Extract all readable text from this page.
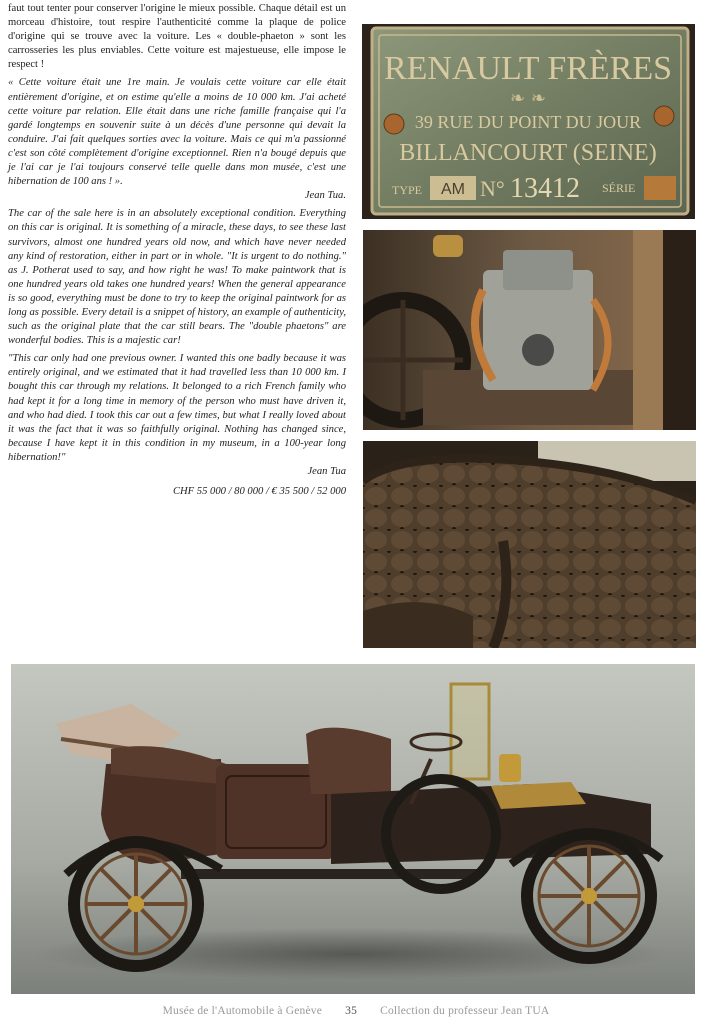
faut tout tenter pour conserver l'origine le mieux possible. Chaque détail est un morceau d'histoire, tout respire l'authenticité comme la plaque de police d'origine qui se trouve avec la voiture. Les « double-phaeton » sont les carrosseries les plus enviables. Cette voiture est majestueuse, elle impose le respect !

« Cette voiture était une 1re main. Je voulais cette voiture car elle était entièrement d'origine, et on estime qu'elle a moins de 10 000 km. J'ai acheté cette voiture par relation. Elle était dans une riche famille française qui l'a gardé longtemps en souvenir suite à un décès d'une personne qui devait la conduire. J'ai fait quelques sorties avec la voiture. Mais ce qui m'a passionné c'est son côté complètement d'origine exceptionnel. Rien n'a bougé depuis que je l'ai car je l'ai toujours conservé telle quelle dans mon musée, c'est une hibernation de 100 ans ! ».
Jean Tua.

The car of the sale here is in an absolutely exceptional condition. Everything on this car is original. It is something of a miracle, these days, to see these last survivors, almost one hundred years old now, and which have never needed any kind of restoration, either in part or in whole. "It is urgent to do nothing." as J. Potherat used to say, and how right he was! To make paintwork that is one hundred years old takes one hundred years! When the general appearance is so good, everything must be done to try to keep the original paintwork for as long as possible. Every detail is a snippet of history, an example of authenticity, such as the original plate that the car still bears. The "double phaetons" are wonderful bodies. This is a majestic car!

"This car only had one previous owner. I wanted this one badly because it was entirely original, and we estimated that it had travelled less than 10 000 km. I bought this car through my relations. It belonged to a rich French family who had kept it for a long time in memory of the person who must have driven it, and who had died. I took this car out a few times, but what I really loved about it was the fact that it was so faithfully original. Nothing has changed since, because I have kept it in this condition in my museum, in a 100-year long hibernation!"
Jean Tua

CHF 55 000 / 80 000 / € 35 500 / 52 000

RENAULT FRÈRES
❧ ❧
39 RUE DU POINT DU JOUR
BILLANCOURT (SEINE)
TYPE AM N° 13412 SÉRIE
Musée de l'Automobile à Genève 35 Collection du professeur Jean TUA
